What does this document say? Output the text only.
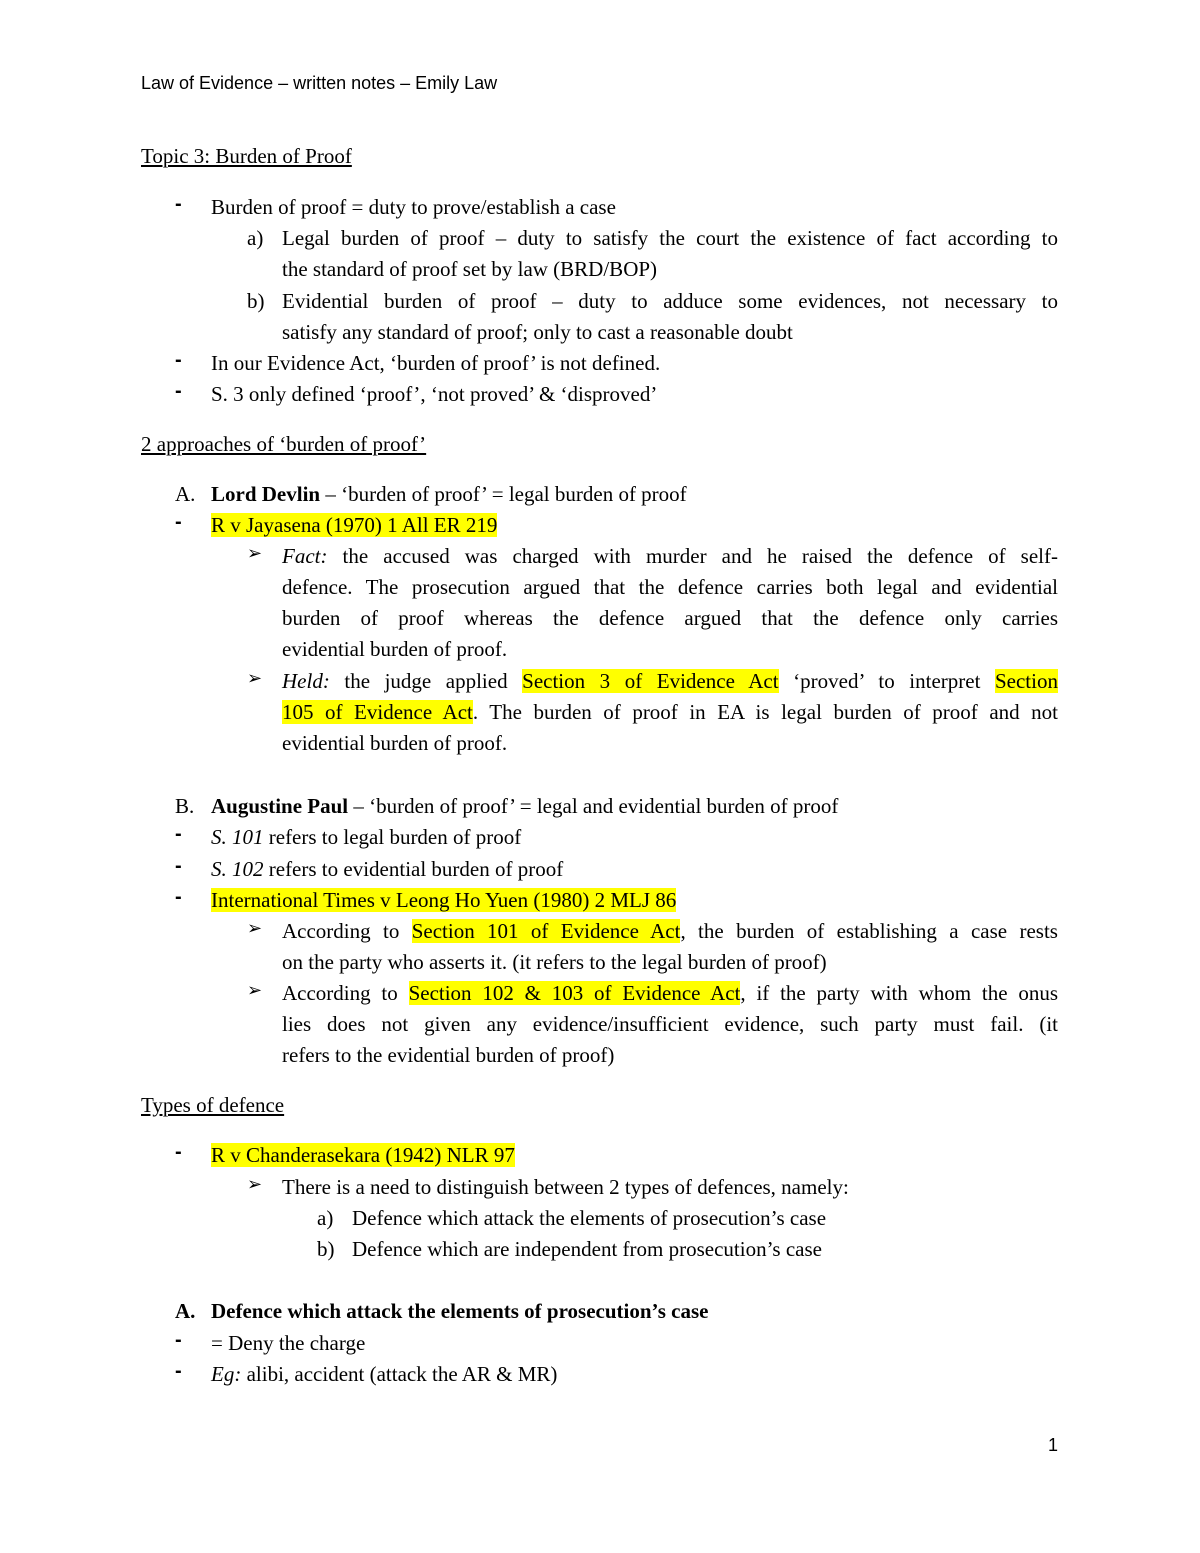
Law of Evidence – written notes – Emily Law
Topic 3: Burden of Proof
- Burden of proof = duty to prove/establish a case
a) Legal burden of proof – duty to satisfy the court the existence of fact according to
the standard of proof set by law (BRD/BOP)
b) Evidential burden of proof – duty to adduce some evidences, not necessary to
satisfy any standard of proof; only to cast a reasonable doubt
- In our Evidence Act, ‘burden of proof’ is not defined.
- S. 3 only defined ‘proof’, ‘not proved’ & ‘disproved’
2 approaches of ‘burden of proof’
A. Lord Devlin – ‘burden of proof’ = legal burden of proof
- R v Jayasena (1970) 1 All ER 219
➢ Fact: the accused was charged with murder and he raised the defence of self-
defence. The prosecution argued that the defence carries both legal and evidential
burden of proof whereas the defence argued that the defence only carries
evidential burden of proof.
➢ Held: the judge applied Section 3 of Evidence Act ‘proved’ to interpret Section
105 of Evidence Act. The burden of proof in EA is legal burden of proof and not
evidential burden of proof.
B. Augustine Paul – ‘burden of proof’ = legal and evidential burden of proof
- S. 101 refers to legal burden of proof
- S. 102 refers to evidential burden of proof
- International Times v Leong Ho Yuen (1980) 2 MLJ 86
➢ According to Section 101 of Evidence Act, the burden of establishing a case rests
on the party who asserts it. (it refers to the legal burden of proof)
➢ According to Section 102 & 103 of Evidence Act, if the party with whom the onus
lies does not given any evidence/insufficient evidence, such party must fail. (it
refers to the evidential burden of proof)
Types of defence
- R v Chanderasekara (1942) NLR 97
➢ There is a need to distinguish between 2 types of defences, namely:
a) Defence which attack the elements of prosecution’s case
b) Defence which are independent from prosecution’s case
A. Defence which attack the elements of prosecution’s case
- = Deny the charge
- Eg: alibi, accident (attack the AR & MR)
1
